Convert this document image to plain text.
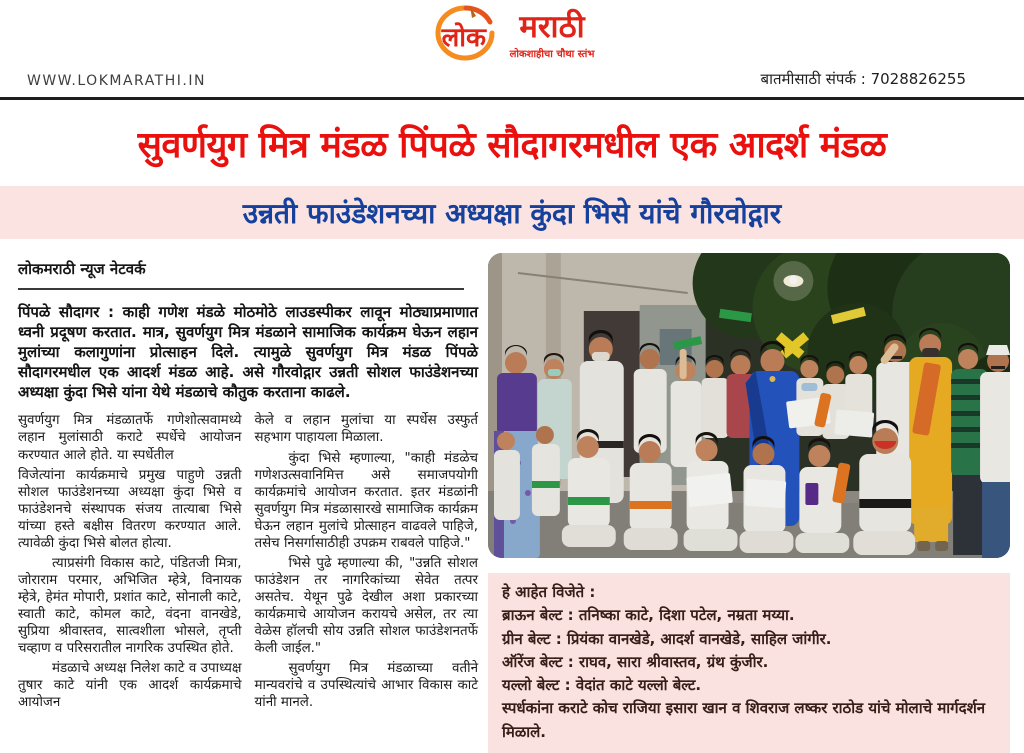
लोक मराठी
लोकशाहीचा चौथा स्तंभ
WWW.LOKMARATHI.IN	बातमीसाठी संपर्क : 7028826255
सुवर्णयुग मित्र मंडळ पिंपळे सौदागरमधील एक आदर्श मंडळ
उन्नती फाउंडेशनच्या अध्यक्षा कुंदा भिसे यांचे गौरवोद्गार
लोकमराठी न्यूज नेटवर्क

पिंपळे सौदागर : काही गणेश मंडळे मोठमोठे लाउडस्पीकर लावून मोठ्याप्रमाणात ध्वनी प्रदूषण करतात. मात्र, सुवर्णयुग मित्र मंडळाने सामाजिक कार्यक्रम घेऊन लहान मुलांच्या कलागुणांना प्रोत्साहन दिले. त्यामुळे सुवर्णयुग मित्र मंडळ पिंपळे सौदागरमधील एक आदर्श मंडळ आहे. असे गौरवोद्गार उन्नती सोशल फाउंडेशनच्या अध्यक्षा कुंदा भिसे यांना येथे मंडळाचे कौतुक करताना काढले.

सुवर्णयुग मित्र मंडळातर्फे गणेशोत्सवामध्ये लहान मुलांसाठी कराटे स्पर्धेचे आयोजन करण्यात आले होते. या स्पर्धेतील

विजेत्यांना कार्यक्रमाचे प्रमुख पाहुणे उन्नती सोशल फाउंडेशनच्या अध्यक्षा कुंदा भिसे व फाउंडेशनचे संस्थापक संजय तात्याबा भिसे यांच्या हस्ते बक्षीस वितरण करण्यात आले. त्यावेळी कुंदा भिसे बोलत होत्या.

त्याप्रसंगी विकास काटे, पंडितजी मित्रा, जोराराम परमार, अभिजित म्हेत्रे, विनायक म्हेत्रे, हेमंत मोपारी, प्रशांत काटे, सोनाली काटे, स्वाती काटे, कोमल काटे, वंदना वानखेडे, सुप्रिया श्रीवास्तव, सात्वशीला भोसले, तृप्ती चव्हाण व परिसरातील नागरिक उपस्थित होते.

मंडळाचे अध्यक्ष निलेश काटे व उपाध्यक्ष तुषार काटे यांनी एक आदर्श कार्यक्रमाचे आयोजन

केले व लहान मुलांचा या स्पर्धेस उस्फुर्त सहभाग पाहायला मिळाला.

कुंदा भिसे म्हणाल्या, "काही मंडळेच गणेशउत्सवानिमित्त असे समाजपयोगी कार्यक्रमांचे आयोजन करतात. इतर मंडळांनी सुवर्णयुग मित्र मंडळासारखे सामाजिक कार्यक्रम घेऊन लहान मुलांचे प्रोत्साहन वाढवले पाहिजे, तसेच निसर्गासाठीही उपक्रम राबवले पाहिजे."

भिसे पुढे म्हणाल्या की, "उन्नति सोशल फाउंडेशन तर नागरिकांच्या सेवेत तत्पर असतेच. येथून पुढे देखील अशा प्रकारच्या कार्यक्रमाचे आयोजन करायचे असेल, तर त्या वेळेस हॉलची सोय उन्नति सोशल फाउंडेशनतर्फे केली जाईल."

सुवर्णयुग मित्र मंडळाच्या वतीने मान्यवरांचे व उपस्थित्यांचे आभार विकास काटे यांनी मानले.

हे आहेत विजेते :
ब्राऊन बेल्ट : तनिष्का काटे, दिशा पटेल, नम्रता मय्या.
ग्रीन बेल्ट : प्रियंका वानखेडे, आदर्श वानखेडे, साहिल जांगीर.
ऑरेंज बेल्ट : राघव, सारा श्रीवास्तव, ग्रंथ कुंजीर.
यल्लो बेल्ट : वेदांत काटे यल्लो बेल्ट.
स्पर्धकांना कराटे कोच राजिया इसारा खान व शिवराज लष्कर राठोड यांचे मोलाचे मार्गदर्शन मिळाले.
